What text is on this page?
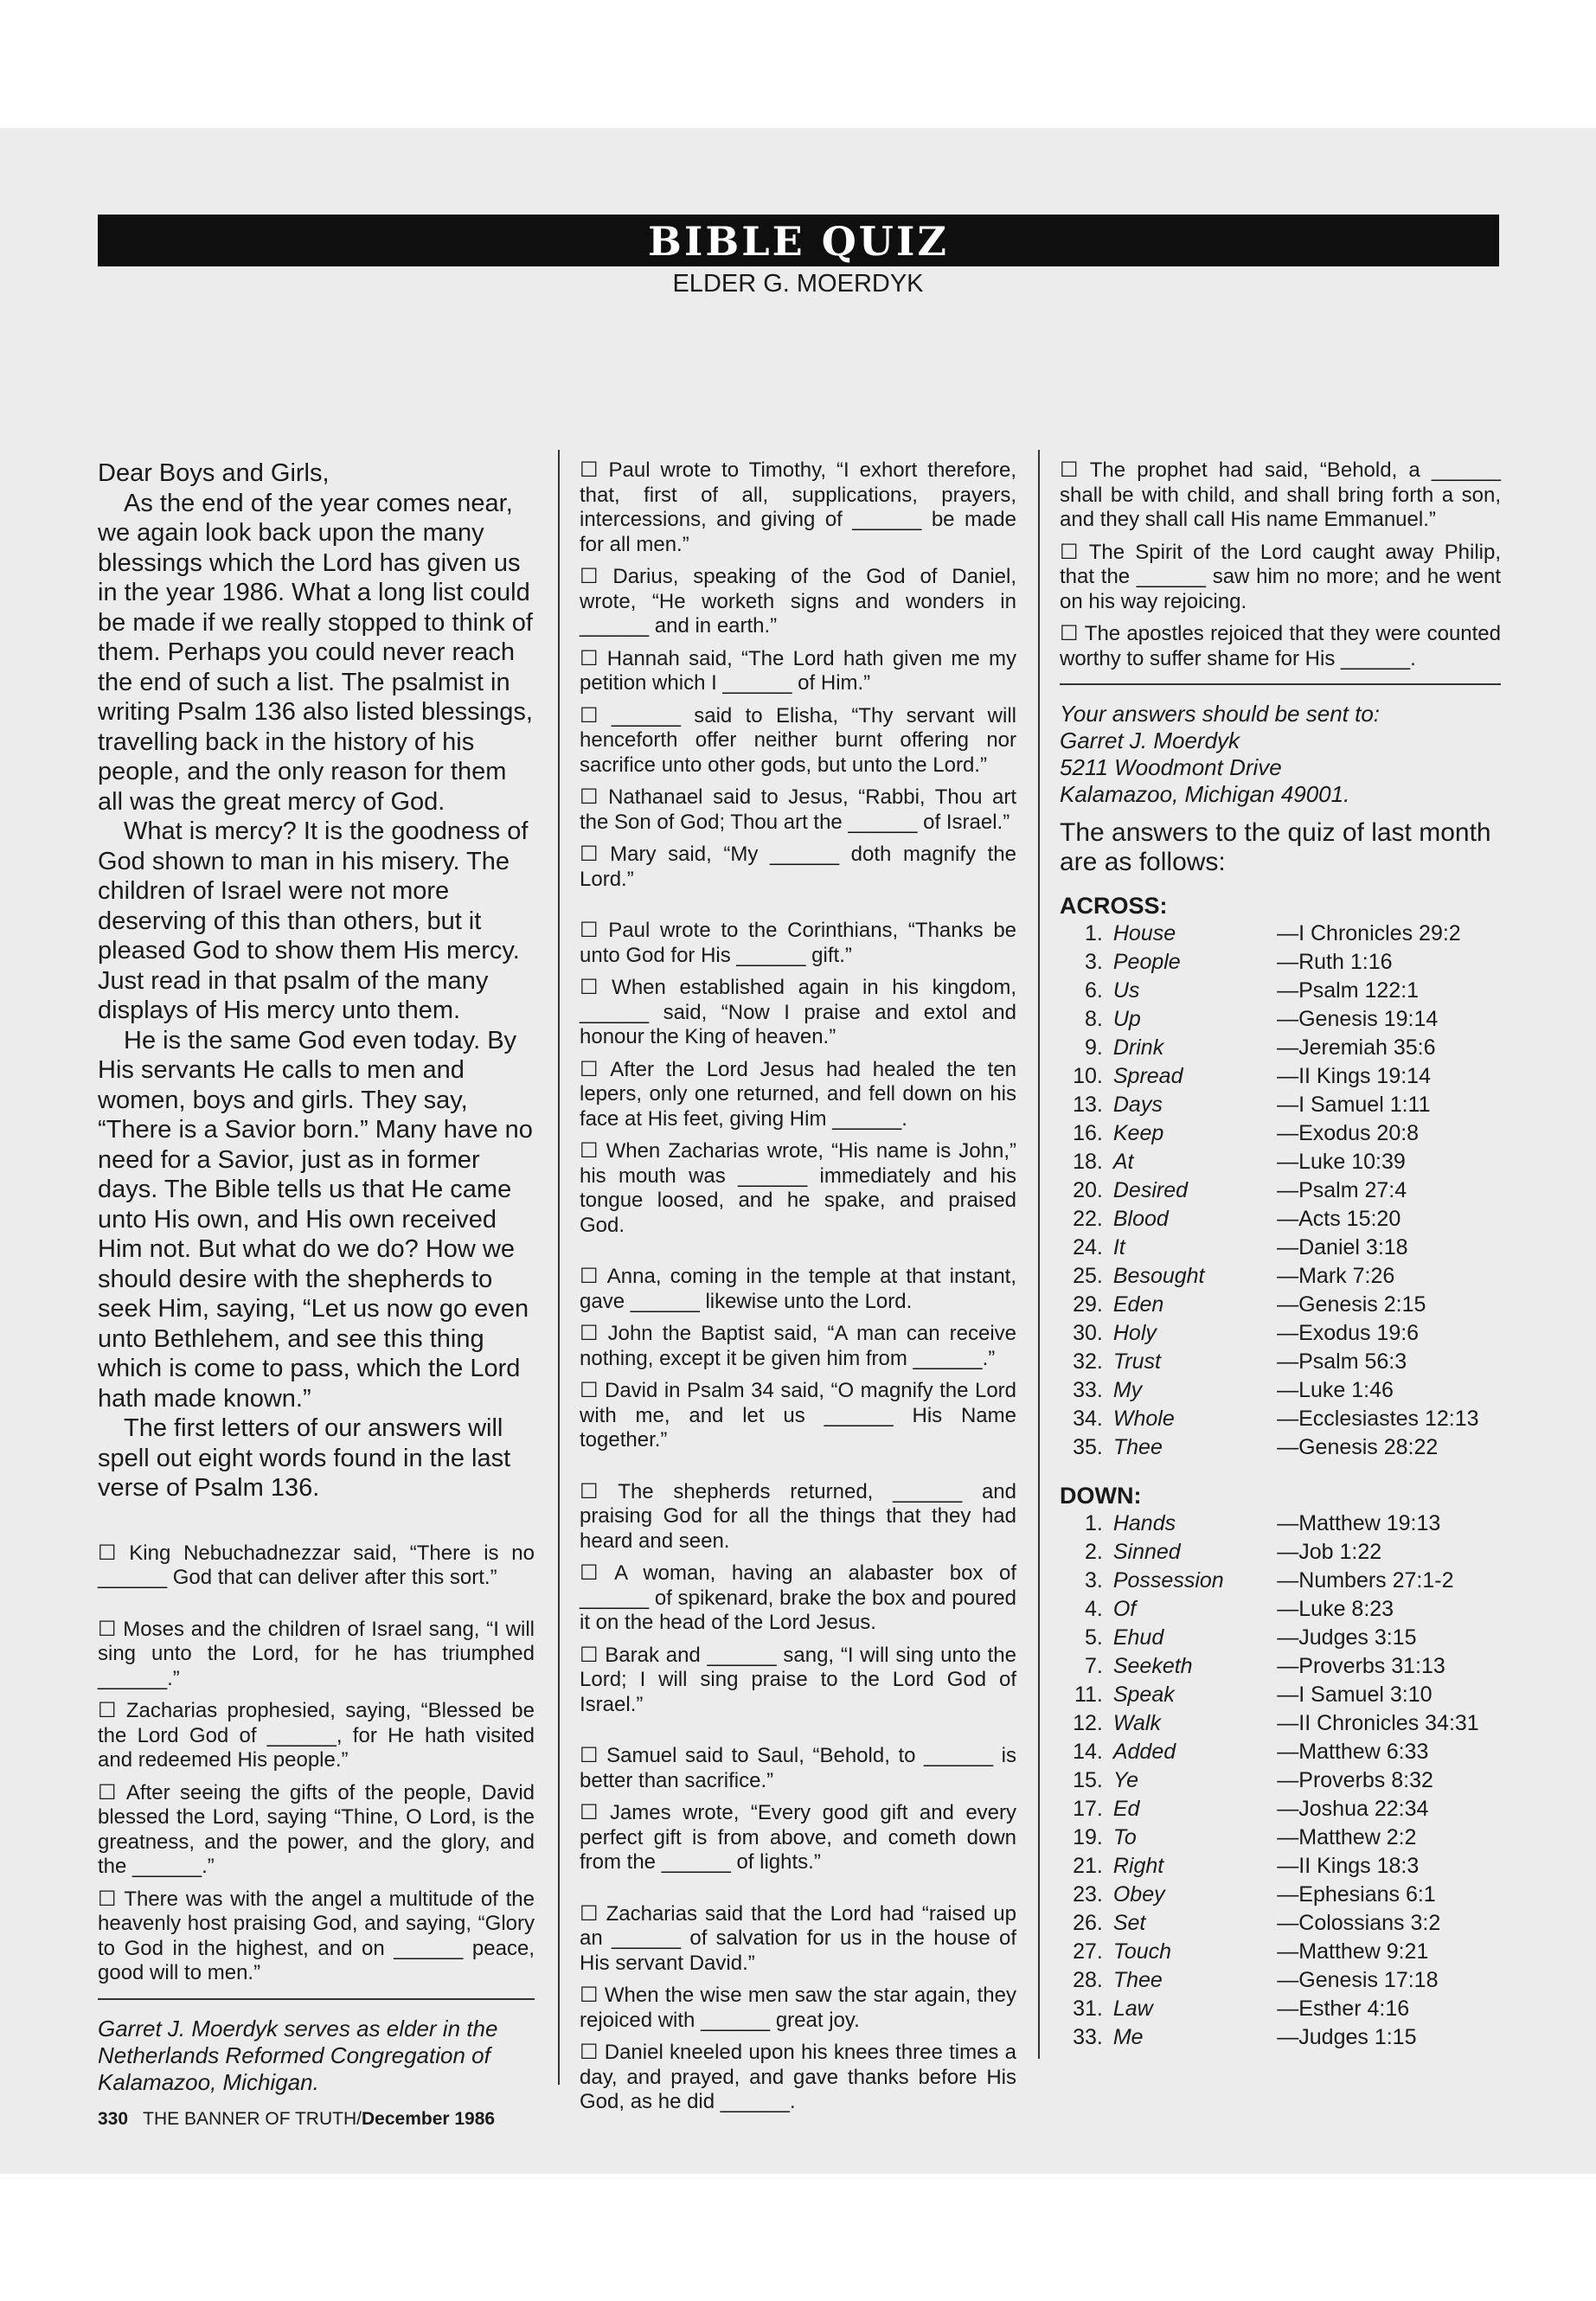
BIBLE QUIZ
ELDER G. MOERDYK

Dear Boys and Girls,

As the end of the year comes near, we again look back upon the many blessings which the Lord has given us in the year 1986. What a long list could be made if we really stopped to think of them. Perhaps you could never reach the end of such a list. The psalmist in writing Psalm 136 also listed blessings, travelling back in the history of his people, and the only reason for them all was the great mercy of God.

What is mercy? It is the goodness of God shown to man in his misery. The children of Israel were not more deserving of this than others, but it pleased God to show them His mercy. Just read in that psalm of the many displays of His mercy unto them.

He is the same God even today. By His servants He calls to men and women, boys and girls. They say, “There is a Savior born.” Many have no need for a Savior, just as in former days. The Bible tells us that He came unto His own, and His own received Him not. But what do we do? How we should desire with the shepherds to seek Him, saying, “Let us now go even unto Bethlehem, and see this thing which is come to pass, which the Lord hath made known.”

The first letters of our answers will spell out eight words found in the last verse of Psalm 136.

☐ King Nebuchadnezzar said, “There is no ______ God that can deliver after this sort.”

☐ Moses and the children of Israel sang, “I will sing unto the Lord, for he has triumphed ______.”

☐ Zacharias prophesied, saying, “Blessed be the Lord God of ______, for He hath visited and redeemed His people.”

☐ After seeing the gifts of the people, David blessed the Lord, saying “Thine, O Lord, is the greatness, and the power, and the glory, and the ______.”

☐ There was with the angel a multitude of the heavenly host praising God, and saying, “Glory to God in the highest, and on ______ peace, good will to men.”

Garret J. Moerdyk serves as elder in the Netherlands Reformed Congregation of Kalamazoo, Michigan.

☐ Paul wrote to Timothy, “I exhort therefore, that, first of all, supplications, prayers, intercessions, and giving of ______ be made for all men.”

☐ Darius, speaking of the God of Daniel, wrote, “He worketh signs and wonders in ______ and in earth.”

☐ Hannah said, “The Lord hath given me my petition which I ______ of Him.”

☐ ______ said to Elisha, “Thy servant will henceforth offer neither burnt offering nor sacrifice unto other gods, but unto the Lord.”

☐ Nathanael said to Jesus, “Rabbi, Thou art the Son of God; Thou art the ______ of Israel.”

☐ Mary said, “My ______ doth magnify the Lord.”

☐ Paul wrote to the Corinthians, “Thanks be unto God for His ______ gift.”

☐ When established again in his kingdom, ______ said, “Now I praise and extol and honour the King of heaven.”

☐ After the Lord Jesus had healed the ten lepers, only one returned, and fell down on his face at His feet, giving Him ______.

☐ When Zacharias wrote, “His name is John,” his mouth was ______ immediately and his tongue loosed, and he spake, and praised God.

☐ Anna, coming in the temple at that instant, gave ______ likewise unto the Lord.

☐ John the Baptist said, “A man can receive nothing, except it be given him from ______.”

☐ David in Psalm 34 said, “O magnify the Lord with me, and let us ______ His Name together.”

☐ The shepherds returned, ______ and praising God for all the things that they had heard and seen.

☐ A woman, having an alabaster box of ______ of spikenard, brake the box and poured it on the head of the Lord Jesus.

☐ Barak and ______ sang, “I will sing unto the Lord; I will sing praise to the Lord God of Israel.”

☐ Samuel said to Saul, “Behold, to ______ is better than sacrifice.”

☐ James wrote, “Every good gift and every perfect gift is from above, and cometh down from the ______ of lights.”

☐ Zacharias said that the Lord had “raised up an ______ of salvation for us in the house of His servant David.”

☐ When the wise men saw the star again, they rejoiced with ______ great joy.

☐ Daniel kneeled upon his knees three times a day, and prayed, and gave thanks before His God, as he did ______.

☐ The prophet had said, “Behold, a ______ shall be with child, and shall bring forth a son, and they shall call His name Emmanuel.”

☐ The Spirit of the Lord caught away Philip, that the ______ saw him no more; and he went on his way rejoicing.

☐ The apostles rejoiced that they were counted worthy to suffer shame for His ______.

Your answers should be sent to:
Garret J. Moerdyk
5211 Woodmont Drive
Kalamazoo, Michigan 49001.
The answers to the quiz of last month are as follows:
ACROSS:
1.	House	—I Chronicles 29:2
3.	People	—Ruth 1:16
6.	Us	—Psalm 122:1
8.	Up	—Genesis 19:14
9.	Drink	—Jeremiah 35:6
10.	Spread	—II Kings 19:14
13.	Days	—I Samuel 1:11
16.	Keep	—Exodus 20:8
18.	At	—Luke 10:39
20.	Desired	—Psalm 27:4
22.	Blood	—Acts 15:20
24.	It	—Daniel 3:18
25.	Besought	—Mark 7:26
29.	Eden	—Genesis 2:15
30.	Holy	—Exodus 19:6
32.	Trust	—Psalm 56:3
33.	My	—Luke 1:46
34.	Whole	—Ecclesiastes 12:13
35.	Thee	—Genesis 28:22
DOWN:
1.	Hands	—Matthew 19:13
2.	Sinned	—Job 1:22
3.	Possession	—Numbers 27:1-2
4.	Of	—Luke 8:23
5.	Ehud	—Judges 3:15
7.	Seeketh	—Proverbs 31:13
11.	Speak	—I Samuel 3:10
12.	Walk	—II Chronicles 34:31
14.	Added	—Matthew 6:33
15.	Ye	—Proverbs 8:32
17.	Ed	—Joshua 22:34
19.	To	—Matthew 2:2
21.	Right	—II Kings 18:3
23.	Obey	—Ephesians 6:1
26.	Set	—Colossians 3:2
27.	Touch	—Matthew 9:21
28.	Thee	—Genesis 17:18
31.	Law	—Esther 4:16
33.	Me	—Judges 1:15
330 THE BANNER OF TRUTH/December 1986
